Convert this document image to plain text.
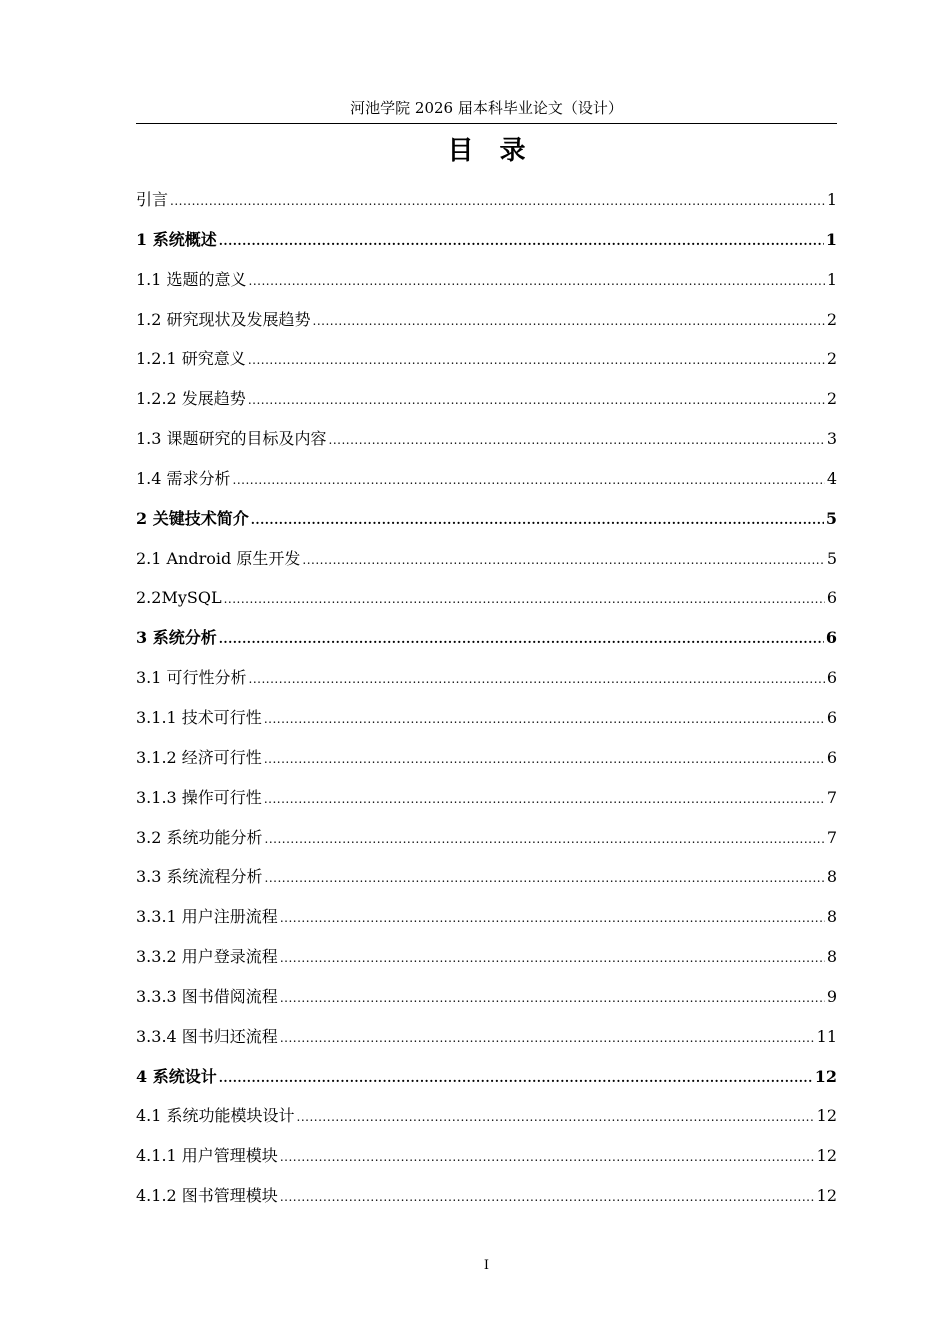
河池学院 2026 届本科毕业论文（设计）
目录
引言 .....	1
1 系统概述 .....	1
1.1 选题的意义 .....	1
1.2 研究现状及发展趋势 .....	2
1.2.1 研究意义 .....	2
1.2.2 发展趋势 .....	2
1.3 课题研究的目标及内容 .....	3
1.4 需求分析 .....	4
2 关键技术简介 .....	5
2.1 Android 原生开发 .....	5
2.2MySQL .....	6
3 系统分析 .....	6
3.1 可行性分析 .....	6
3.1.1 技术可行性 .....	6
3.1.2 经济可行性 .....	6
3.1.3 操作可行性 .....	7
3.2 系统功能分析 .....	7
3.3 系统流程分析 .....	8
3.3.1 用户注册流程 .....	8
3.3.2 用户登录流程 .....	8
3.3.3 图书借阅流程 .....	9
3.3.4 图书归还流程 .....	11
4 系统设计 .....	12
4.1 系统功能模块设计 .....	12
4.1.1 用户管理模块 .....	12
4.1.2 图书管理模块 .....	12
I
